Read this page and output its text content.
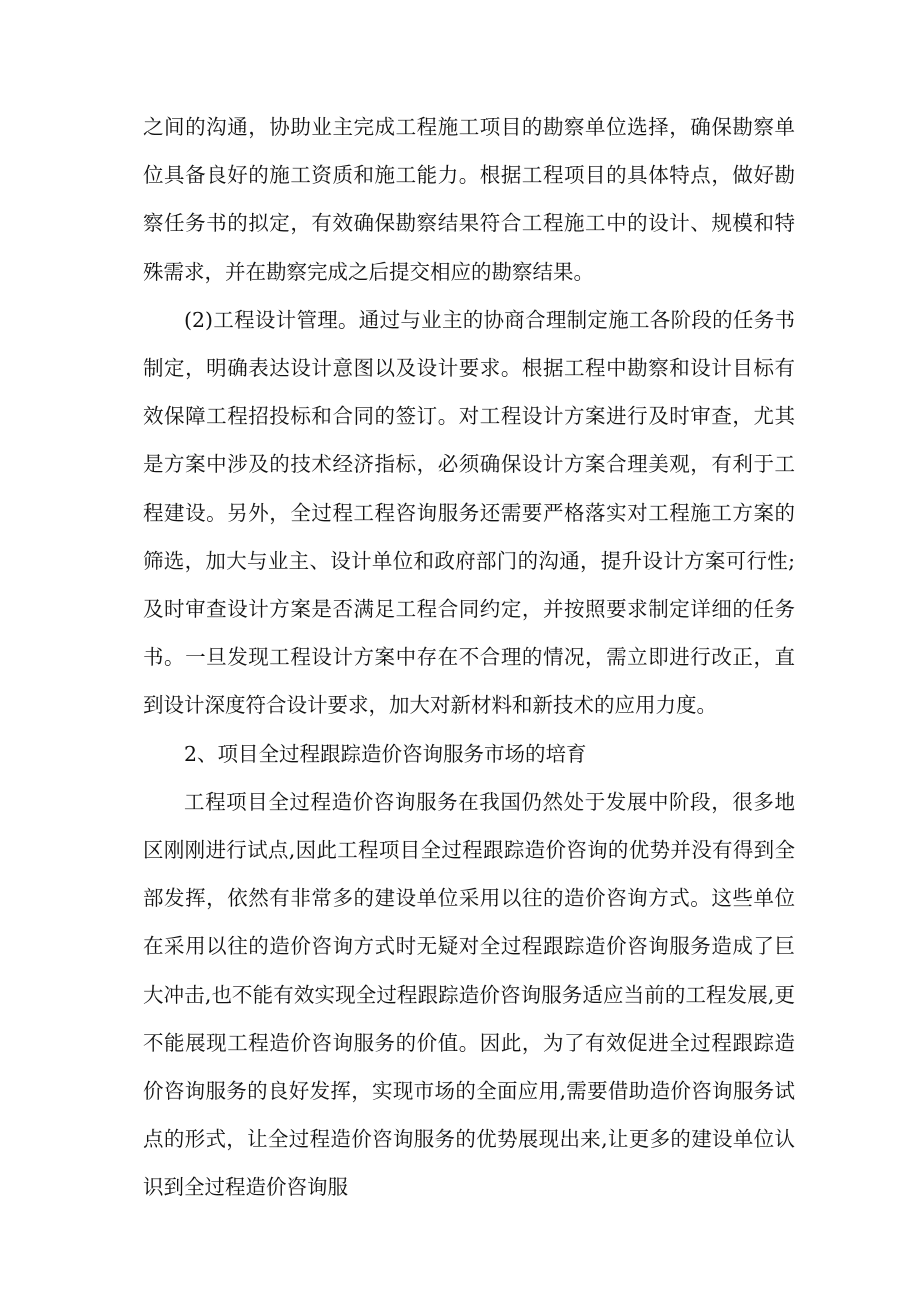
之间的沟通，协助业主完成工程施工项目的勘察单位选择，确保勘察单位具备良好的施工资质和施工能力。根据工程项目的具体特点，做好勘察任务书的拟定，有效确保勘察结果符合工程施工中的设计、规模和特殊需求，并在勘察完成之后提交相应的勘察结果。

(2)工程设计管理。通过与业主的协商合理制定施工各阶段的任务书制定，明确表达设计意图以及设计要求。根据工程中勘察和设计目标有效保障工程招投标和合同的签订。对工程设计方案进行及时审查，尤其是方案中涉及的技术经济指标，必须确保设计方案合理美观，有利于工程建设。另外，全过程工程咨询服务还需要严格落实对工程施工方案的筛选，加大与业主、设计单位和政府部门的沟通，提升设计方案可行性;及时审查设计方案是否满足工程合同约定，并按照要求制定详细的任务书。一旦发现工程设计方案中存在不合理的情况，需立即进行改正，直到设计深度符合设计要求，加大对新材料和新技术的应用力度。

2、项目全过程跟踪造价咨询服务市场的培育

工程项目全过程造价咨询服务在我国仍然处于发展中阶段，很多地区刚刚进行试点,因此工程项目全过程跟踪造价咨询的优势并没有得到全部发挥，依然有非常多的建设单位采用以往的造价咨询方式。这些单位在采用以往的造价咨询方式时无疑对全过程跟踪造价咨询服务造成了巨大冲击,也不能有效实现全过程跟踪造价咨询服务适应当前的工程发展,更不能展现工程造价咨询服务的价值。因此，为了有效促进全过程跟踪造价咨询服务的良好发挥，实现市场的全面应用,需要借助造价咨询服务试点的形式，让全过程造价咨询服务的优势展现出来,让更多的建设单位认识到全过程造价咨询服
